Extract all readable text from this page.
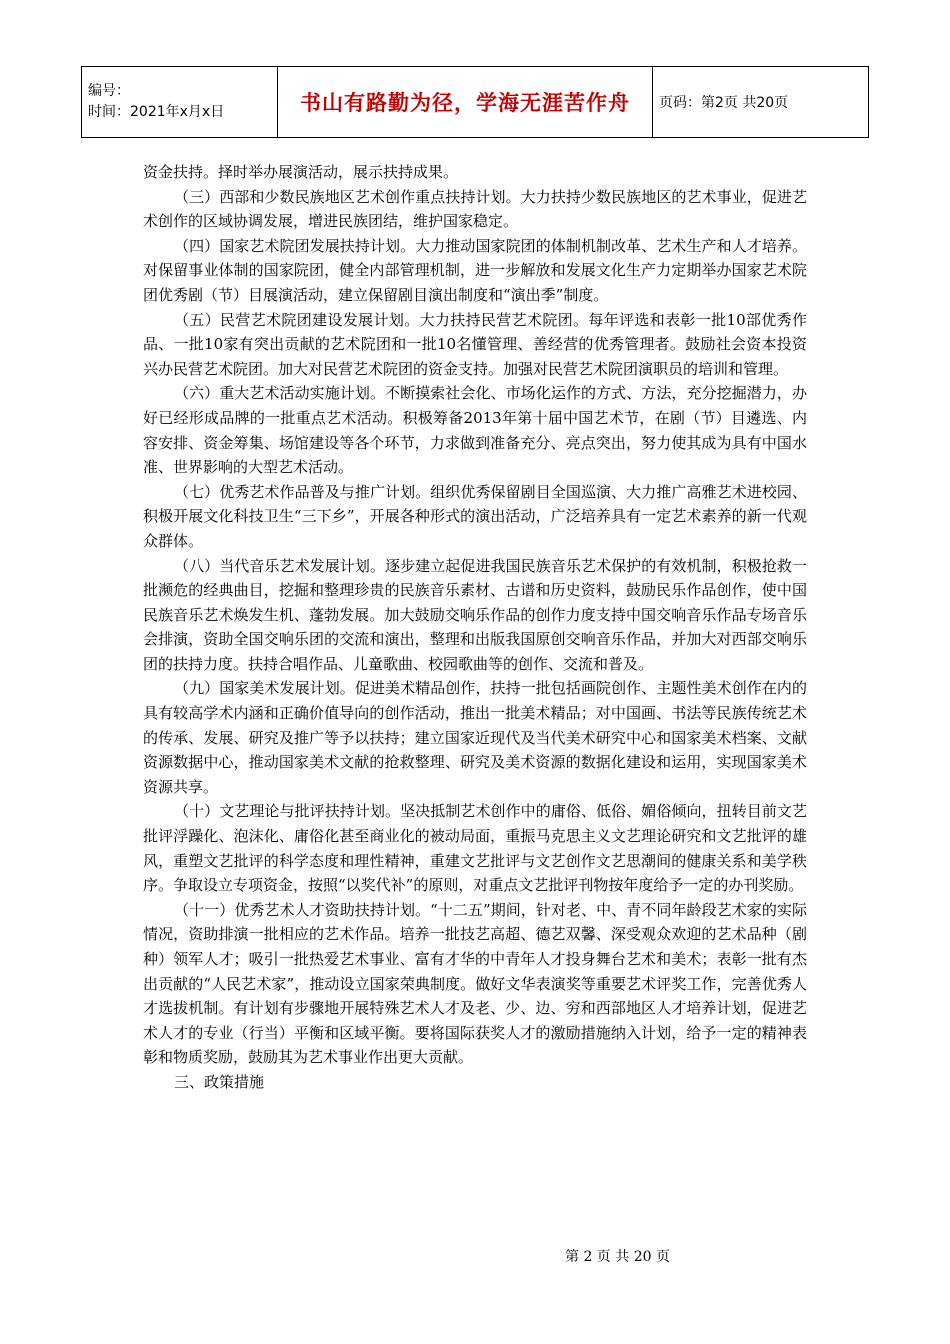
编号：
时间：2021年x月x日	书山有路勤为径，学海无涯苦作舟	页码：第2页 共20页

资金扶持。择时举办展演活动，展示扶持成果。

（三）西部和少数民族地区艺术创作重点扶持计划。大力扶持少数民族地区的艺术事业，促进艺术创作的区域协调发展，增进民族团结，维护国家稳定。

（四）国家艺术院团发展扶持计划。大力推动国家院团的体制机制改革、艺术生产和人才培养。对保留事业体制的国家院团，健全内部管理机制，进一步解放和发展文化生产力定期举办国家艺术院团优秀剧（节）目展演活动，建立保留剧目演出制度和“演出季”制度。

（五）民营艺术院团建设发展计划。大力扶持民营艺术院团。每年评选和表彰一批10部优秀作品、一批10家有突出贡献的艺术院团和一批10名懂管理、善经营的优秀管理者。鼓励社会资本投资兴办民营艺术院团。加大对民营艺术院团的资金支持。加强对民营艺术院团演职员的培训和管理。

（六）重大艺术活动实施计划。不断摸索社会化、市场化运作的方式、方法，充分挖掘潜力，办好已经形成品牌的一批重点艺术活动。积极筹备2013年第十届中国艺术节，在剧（节）目遴选、内容安排、资金筹集、场馆建设等各个环节，力求做到准备充分、亮点突出，努力使其成为具有中国水准、世界影响的大型艺术活动。

（七）优秀艺术作品普及与推广计划。组织优秀保留剧目全国巡演、大力推广高雅艺术进校园、积极开展文化科技卫生“三下乡”，开展各种形式的演出活动，广泛培养具有一定艺术素养的新一代观众群体。

（八）当代音乐艺术发展计划。逐步建立起促进我国民族音乐艺术保护的有效机制，积极抢救一批濒危的经典曲目，挖掘和整理珍贵的民族音乐素材、古谱和历史资料，鼓励民乐作品创作，使中国民族音乐艺术焕发生机、蓬勃发展。加大鼓励交响乐作品的创作力度支持中国交响音乐作品专场音乐会排演，资助全国交响乐团的交流和演出，整理和出版我国原创交响音乐作品，并加大对西部交响乐团的扶持力度。扶持合唱作品、儿童歌曲、校园歌曲等的创作、交流和普及。

（九）国家美术发展计划。促进美术精品创作，扶持一批包括画院创作、主题性美术创作在内的具有较高学术内涵和正确价值导向的创作活动，推出一批美术精品；对中国画、书法等民族传统艺术的传承、发展、研究及推广等予以扶持；建立国家近现代及当代美术研究中心和国家美术档案、文献资源数据中心，推动国家美术文献的抢救整理、研究及美术资源的数据化建设和运用，实现国家美术资源共享。

（十）文艺理论与批评扶持计划。坚决抵制艺术创作中的庸俗、低俗、媚俗倾向，扭转目前文艺批评浮躁化、泡沫化、庸俗化甚至商业化的被动局面，重振马克思主义文艺理论研究和文艺批评的雄风，重塑文艺批评的科学态度和理性精神，重建文艺批评与文艺创作文艺思潮间的健康关系和美学秩序。争取设立专项资金，按照“以奖代补”的原则，对重点文艺批评刊物按年度给予一定的办刊奖励。

（十一）优秀艺术人才资助扶持计划。“十二五”期间，针对老、中、青不同年龄段艺术家的实际情况，资助排演一批相应的艺术作品。培养一批技艺高超、德艺双馨、深受观众欢迎的艺术品种（剧种）领军人才；吸引一批热爱艺术事业、富有才华的中青年人才投身舞台艺术和美术；表彰一批有杰出贡献的“人民艺术家”，推动设立国家荣典制度。做好文华表演奖等重要艺术评奖工作，完善优秀人才选拔机制。有计划有步骤地开展特殊艺术人才及老、少、边、穷和西部地区人才培养计划，促进艺术人才的专业（行当）平衡和区域平衡。要将国际获奖人才的激励措施纳入计划，给予一定的精神表彰和物质奖励，鼓励其为艺术事业作出更大贡献。

三、政策措施

第 2 页 共 20 页
